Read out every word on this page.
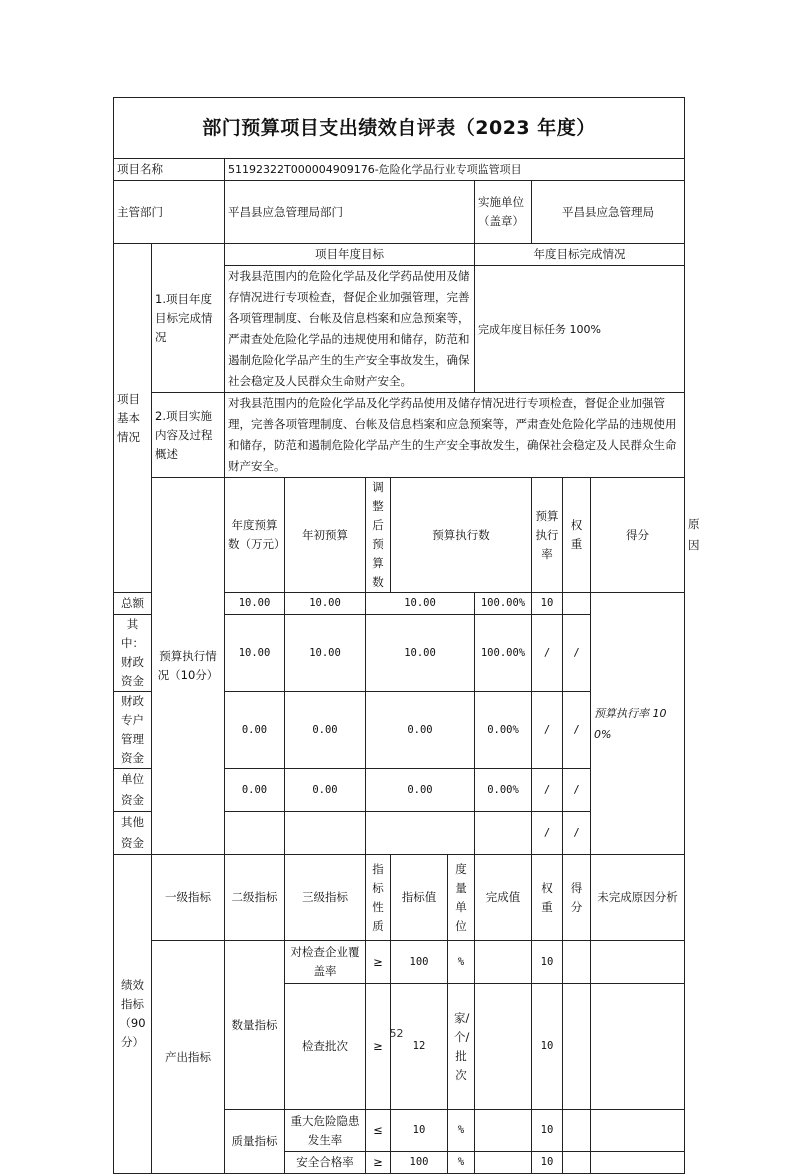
部门预算项目支出绩效自评表（2023 年度）											
项目名称		51192322T000004909176-危险化学品行业专项监管项目									
主管部门		平昌县应急管理局部门					实施单位（盖章）	平昌县应急管理局			
项目基本情况	1.项目年度目标完成情况	项目年度目标					年度目标完成情况				
		对我县范围内的危险化学品及化学药品使用及储存情况进行专项检查，督促企业加强管理，完善各项管理制度、台帐及信息档案和应急预案等，严肃查处危险化学品的违规使用和储存，防范和遏制危险化学品产生的生产安全事故发生，确保社会稳定及人民群众生命财产安全。					完成年度目标任务 100%				
	2.项目实施内容及过程概述	对我县范围内的危险化学品及化学药品使用及储存情况进行专项检查，督促企业加强管理，完善各项管理制度、台帐及信息档案和应急预案等，严肃查处危险化学品的违规使用和储存，防范和遏制危险化学品产生的生产安全事故发生，确保社会稳定及人民群众生命财产安全。									
	预算执行情况（10分）	年度预算数（万元）	年初预算	调整后预算数	预算执行数			预算执行率	权重	得分	原因
总额		10.00	10.00	10.00			100.00%	10		预算执行率 100%	
其中：财政资金		10.00	10.00	10.00			100.00%	/	/		
财政专户管理资金		0.00	0.00	0.00			0.00%	/	/		
单位资金		0.00	0.00	0.00			0.00%	/	/		
其他资金								/	/		
绩效指标（90分）	一级指标	二级指标	三级指标	指标性质	指标值	度量单位	完成值	权重	得分	未完成原因分析	
	产出指标	数量指标	对检查企业覆盖率	≥	100	%		10			
			检查批次	≥	12	家/个/批次		10			
		质量指标	重大危险隐患发生率	≤	10	%		10			
			安全合格率	≥	100	%		10			
52
